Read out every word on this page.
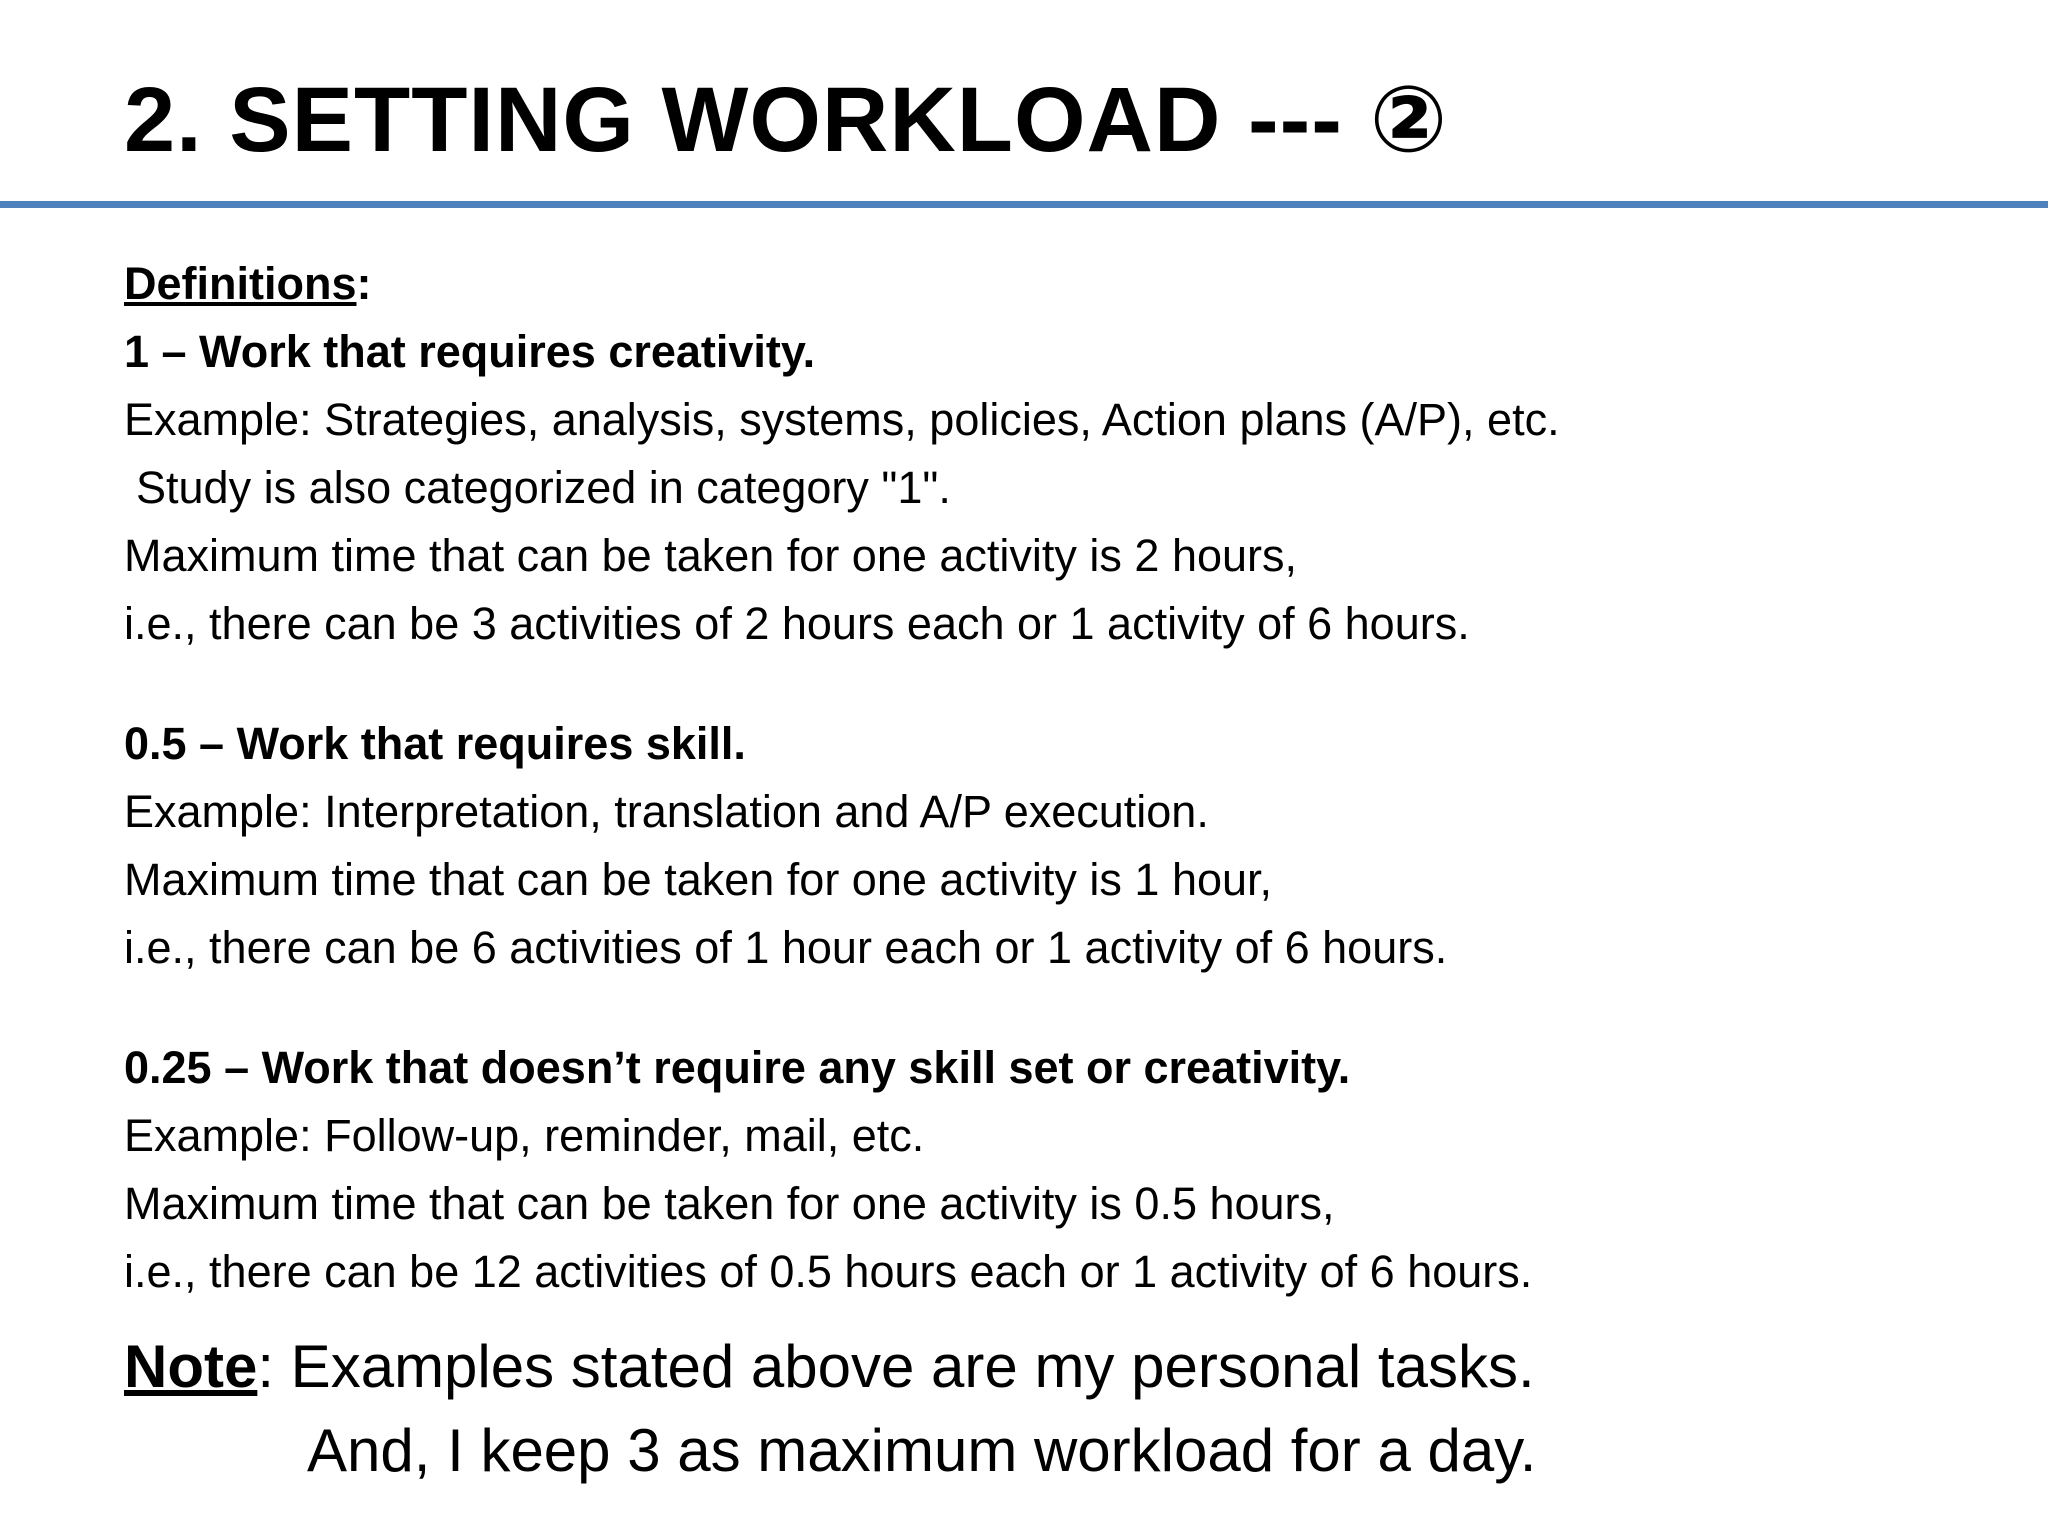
2. SETTING WORKLOAD --- ②
Definitions:
1 – Work that requires creativity.
Example: Strategies, analysis, systems, policies, Action plans (A/P), etc.
Study is also categorized in category "1".
Maximum time that can be taken for one activity is 2 hours,
i.e., there can be 3 activities of 2 hours each or 1 activity of 6 hours.
0.5 – Work that requires skill.
Example: Interpretation, translation and A/P execution.
Maximum time that can be taken for one activity is 1 hour,
i.e., there can be 6 activities of 1 hour each or 1 activity of 6 hours.
0.25 – Work that doesn’t require any skill set or creativity.
Example: Follow-up, reminder, mail, etc.
Maximum time that can be taken for one activity is 0.5 hours,
i.e., there can be 12 activities of 0.5 hours each or 1 activity of 6 hours.
Note: Examples stated above are my personal tasks.
And, I keep 3 as maximum workload for a day.
